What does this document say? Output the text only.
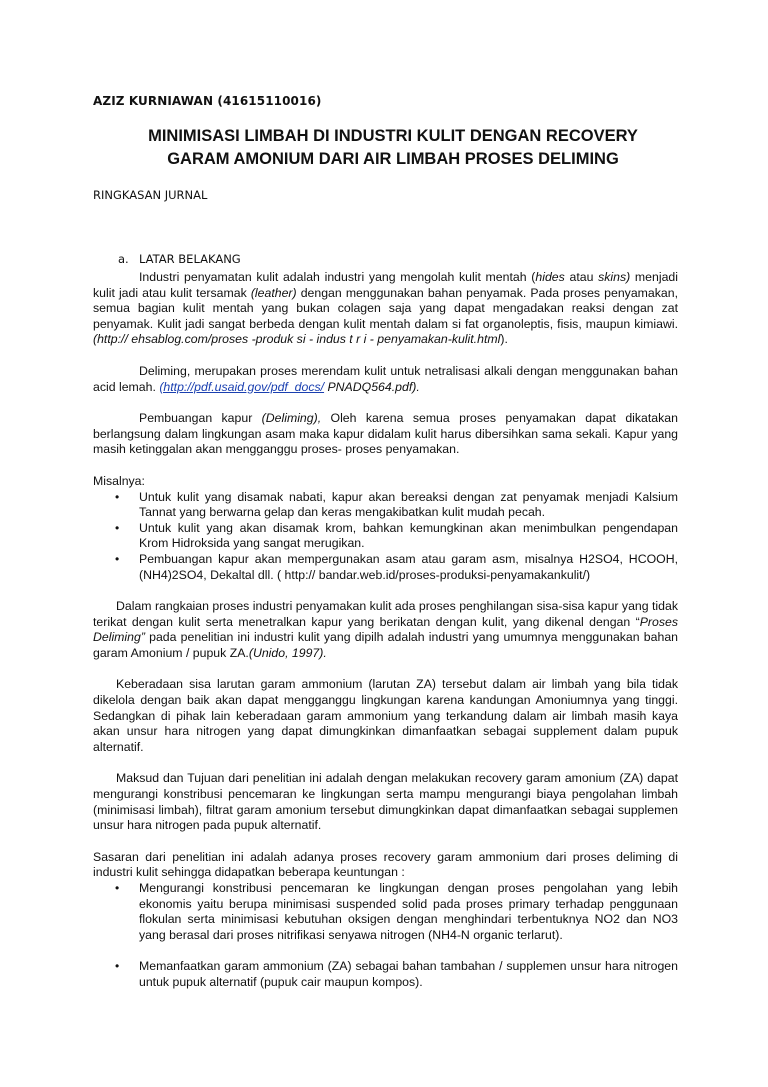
AZIZ KURNIAWAN (41615110016)
MINIMISASI LIMBAH DI INDUSTRI KULIT DENGAN RECOVERY
GARAM AMONIUM DARI AIR LIMBAH PROSES DELIMING
RINGKASAN JURNAL
a. LATAR BELAKANG

Industri penyamatan kulit adalah industri yang mengolah kulit mentah (hides atau skins) menjadi kulit jadi atau kulit tersamak (leather) dengan menggunakan bahan penyamak. Pada proses penyamakan, semua bagian kulit mentah yang bukan colagen saja yang dapat mengadakan reaksi dengan zat penyamak. Kulit jadi sangat berbeda dengan kulit mentah dalam si fat organoleptis, fisis, maupun kimiawi. (http:// ehsablog.com/proses -produk si - indus t r i - penyamakan-kulit.html).

Deliming, merupakan proses merendam kulit untuk netralisasi alkali dengan menggunakan bahan acid lemah. (http://pdf.usaid.gov/pdf_docs/ PNADQ564.pdf).

Pembuangan kapur (Deliming), Oleh karena semua proses penyamakan dapat dikatakan berlangsung dalam lingkungan asam maka kapur didalam kulit harus dibersihkan sama sekali. Kapur yang masih ketinggalan akan mengganggu proses- proses penyamakan.

Misalnya:

• Untuk kulit yang disamak nabati, kapur akan bereaksi dengan zat penyamak menjadi Kalsium Tannat yang berwarna gelap dan keras mengakibatkan kulit mudah pecah.
• Untuk kulit yang akan disamak krom, bahkan kemungkinan akan menimbulkan pengendapan Krom Hidroksida yang sangat merugikan.
• Pembuangan kapur akan mempergunakan asam atau garam asm, misalnya H2SO4, HCOOH, (NH4)2SO4, Dekaltal dll. ( http:// bandar.web.id/proses-produksi-penyamakankulit/)

Dalam rangkaian proses industri penyamakan kulit ada proses penghilangan sisa-sisa kapur yang tidak terikat dengan kulit serta menetralkan kapur yang berikatan dengan kulit, yang dikenal dengan “Proses Deliming” pada penelitian ini industri kulit yang dipilh adalah industri yang umumnya menggunakan bahan garam Amonium / pupuk ZA.(Unido, 1997).

Keberadaan sisa larutan garam ammonium (larutan ZA) tersebut dalam air limbah yang bila tidak dikelola dengan baik akan dapat mengganggu lingkungan karena kandungan Amoniumnya yang tinggi. Sedangkan di pihak lain keberadaan garam ammonium yang terkandung dalam air limbah masih kaya akan unsur hara nitrogen yang dapat dimungkinkan dimanfaatkan sebagai supplement dalam pupuk alternatif.

Maksud dan Tujuan dari penelitian ini adalah dengan melakukan recovery garam amonium (ZA) dapat mengurangi konstribusi pencemaran ke lingkungan serta mampu mengurangi biaya pengolahan limbah (minimisasi limbah), filtrat garam amonium tersebut dimungkinkan dapat dimanfaatkan sebagai supplemen unsur hara nitrogen pada pupuk alternatif.

Sasaran dari penelitian ini adalah adanya proses recovery garam ammonium dari proses deliming di industri kulit sehingga didapatkan beberapa keuntungan :

• Mengurangi konstribusi pencemaran ke lingkungan dengan proses pengolahan yang lebih ekonomis yaitu berupa minimisasi suspended solid pada proses primary terhadap penggunaan flokulan serta minimisasi kebutuhan oksigen dengan menghindari terbentuknya NO2 dan NO3 yang berasal dari proses nitrifikasi senyawa nitrogen (NH4-N organic terlarut).
• Memanfaatkan garam ammonium (ZA) sebagai bahan tambahan / supplemen unsur hara nitrogen untuk pupuk alternatif (pupuk cair maupun kompos).
